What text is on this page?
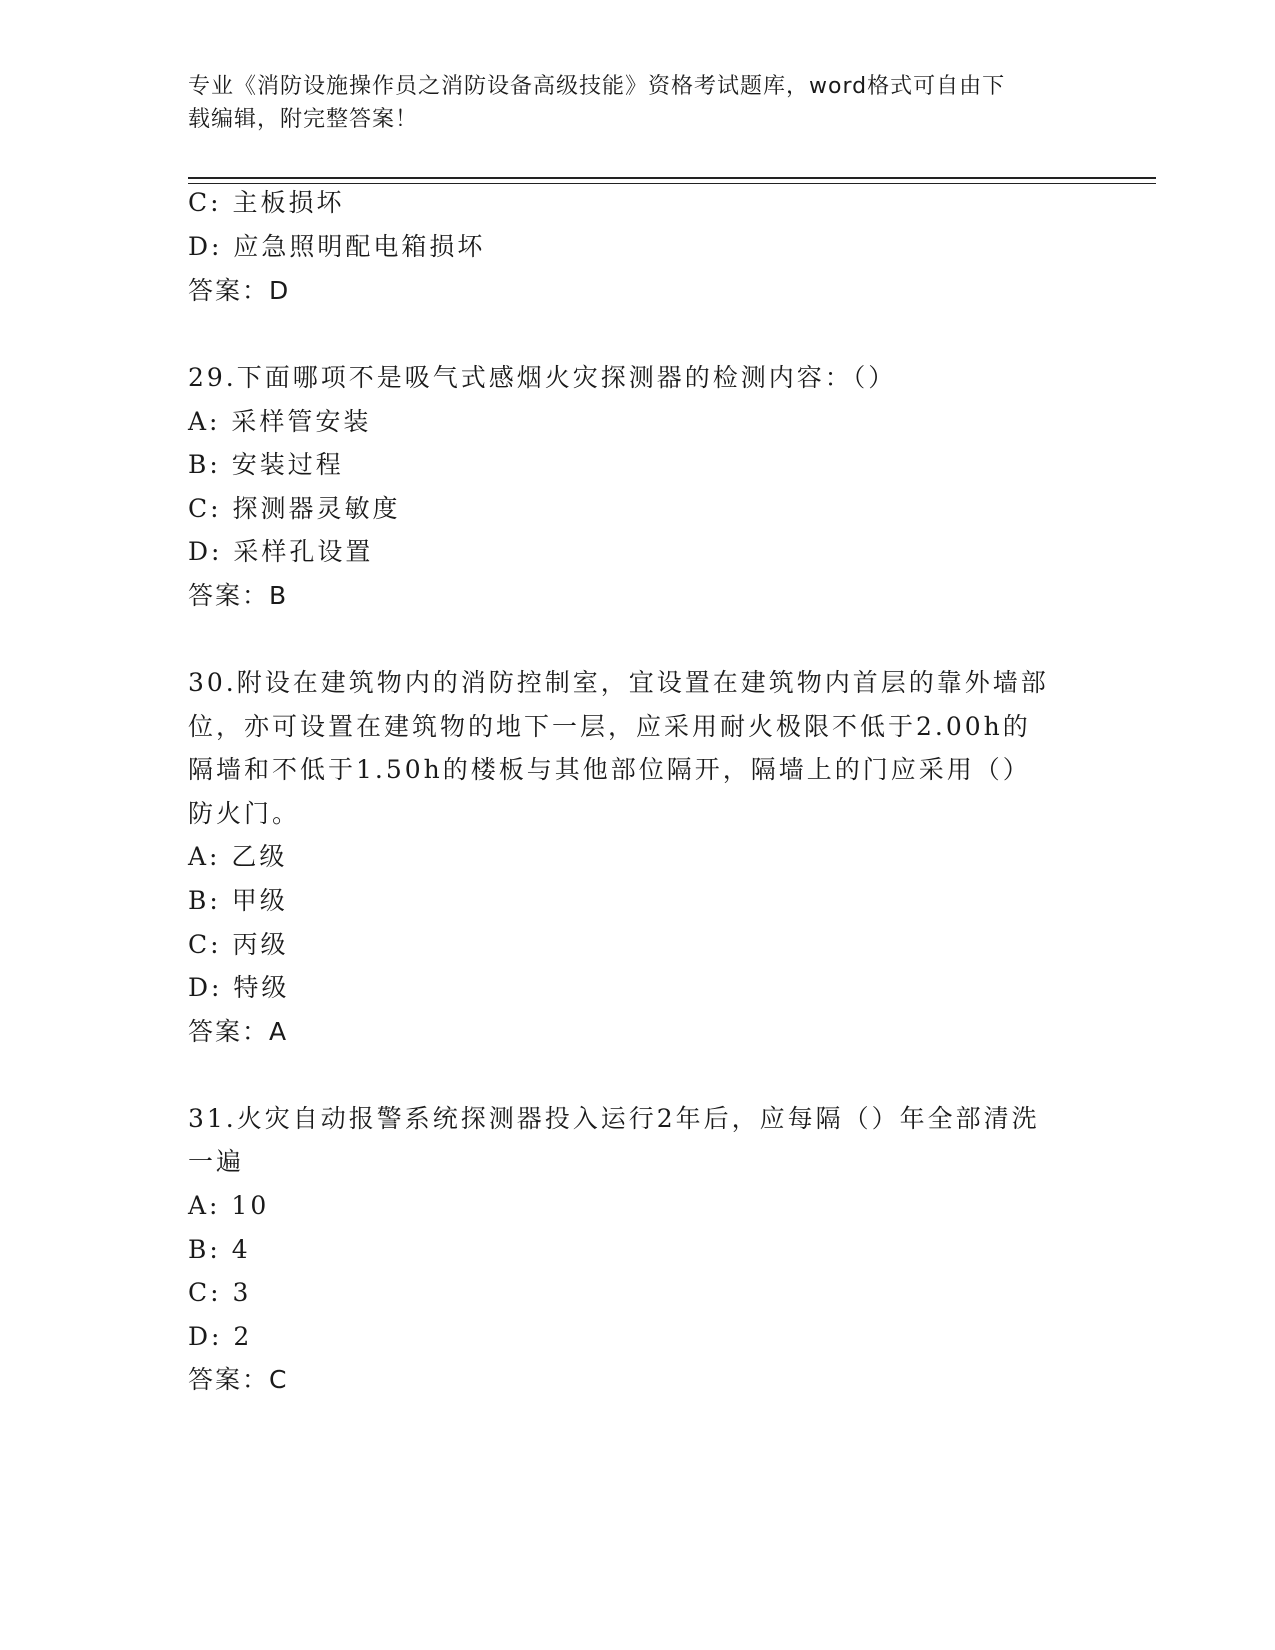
专业《消防设施操作员之消防设备高级技能》资格考试题库，word格式可自由下
载编辑，附完整答案！
C: 主板损坏
D: 应急照明配电箱损坏
答案：D
29.下面哪项不是吸气式感烟火灾探测器的检测内容：（）
A: 采样管安装
B: 安装过程
C: 探测器灵敏度
D: 采样孔设置
答案：B
30.附设在建筑物内的消防控制室，宜设置在建筑物内首层的靠外墙部
位，亦可设置在建筑物的地下一层，应采用耐火极限不低于2.00h的
隔墙和不低于1.50h的楼板与其他部位隔开，隔墙上的门应采用（）
防火门。
A: 乙级
B: 甲级
C: 丙级
D: 特级
答案：A
31.火灾自动报警系统探测器投入运行2年后，应每隔（）年全部清洗
一遍
A: 10
B: 4
C: 3
D: 2
答案：C
